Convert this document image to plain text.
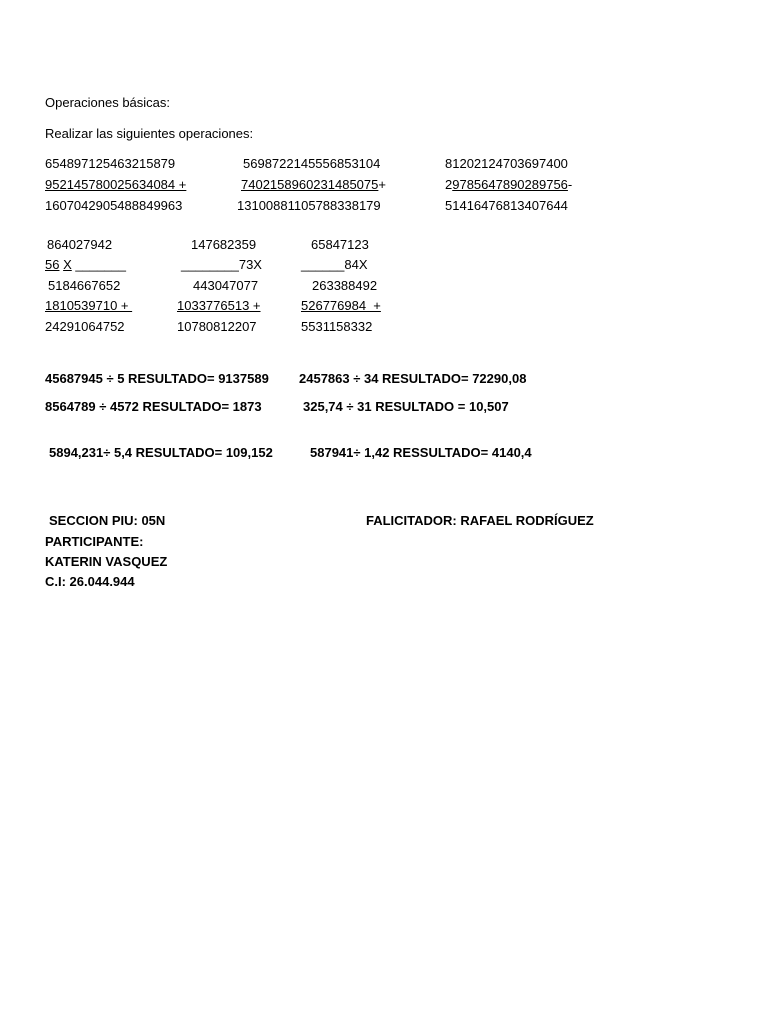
Operaciones básicas:
Realizar las siguientes operaciones:
654897125463215879
952145780025634084 +
1607042905488849963
569872214555685310​4
7402158960231485075+
13100881105788338179
81202124703697400
29785647890289756-
51416476813407644
864027942
56 X _______
5184667652
1810539710 +
24291064752
147682359
________73X
443047077
1033776513 +
10780812207
65847123
______84X
263388492
526776984  +
5531158332
45687945 ÷ 5 RESULTADO= 9137589 2457863 ÷ 34 RESULTADO= 72290,08
8564789 ÷ 4572 RESULTADO= 1873	325,74 ÷ 31 RESULTADO = 10,507
5894,231÷ 5,4 RESULTADO= 109,152	587941÷ 1,42 RESSULTADO= 4140,4
SECCION PIU: 05N	FALICITADOR: RAFAEL RODRÍGUEZ
PARTICIPANTE:
KATERIN VASQUEZ
C.I: 26.044.944
